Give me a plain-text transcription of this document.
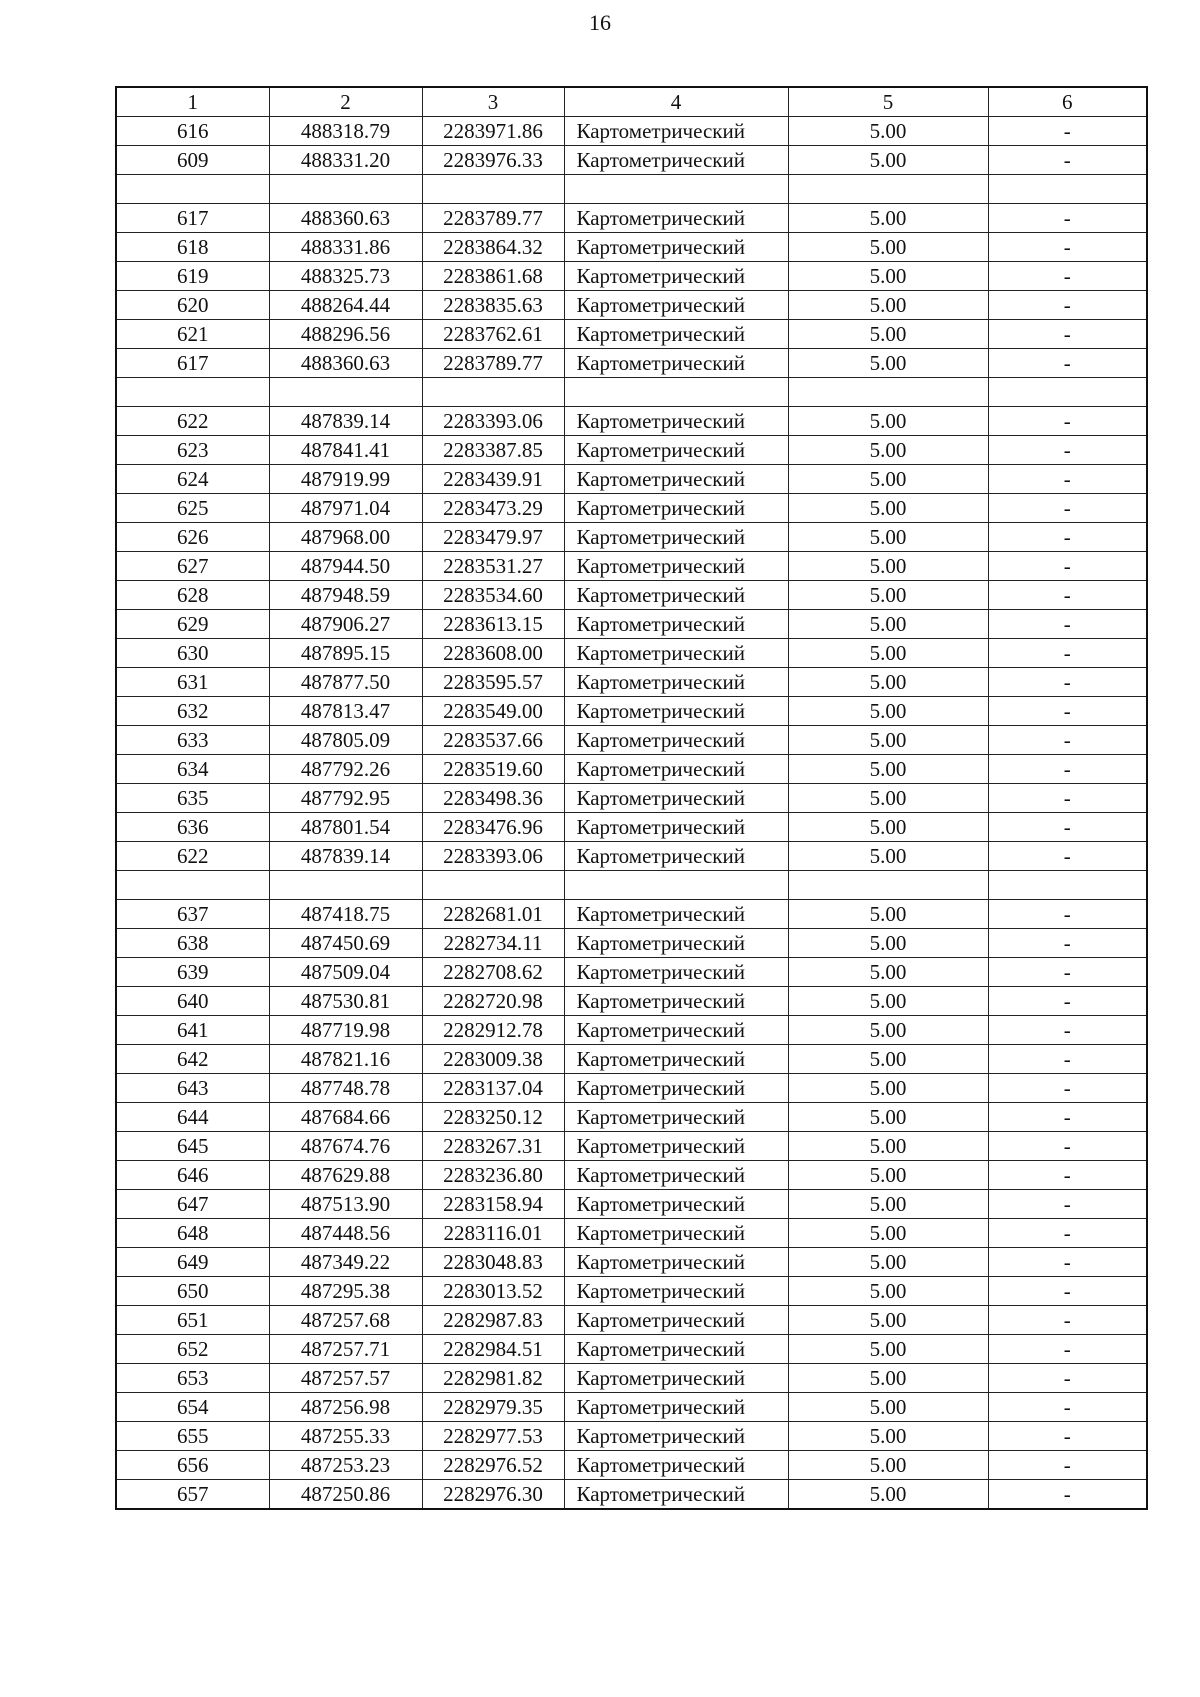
16
1	2	3	4	5	6
616	488318.79	2283971.86	Картометрический	5.00	-
609	488331.20	2283976.33	Картометрический	5.00	-

617	488360.63	2283789.77	Картометрический	5.00	-
618	488331.86	2283864.32	Картометрический	5.00	-
619	488325.73	2283861.68	Картометрический	5.00	-
620	488264.44	2283835.63	Картометрический	5.00	-
621	488296.56	2283762.61	Картометрический	5.00	-
617	488360.63	2283789.77	Картометрический	5.00	-

622	487839.14	2283393.06	Картометрический	5.00	-
623	487841.41	2283387.85	Картометрический	5.00	-
624	487919.99	2283439.91	Картометрический	5.00	-
625	487971.04	2283473.29	Картометрический	5.00	-
626	487968.00	2283479.97	Картометрический	5.00	-
627	487944.50	2283531.27	Картометрический	5.00	-
628	487948.59	2283534.60	Картометрический	5.00	-
629	487906.27	2283613.15	Картометрический	5.00	-
630	487895.15	2283608.00	Картометрический	5.00	-
631	487877.50	2283595.57	Картометрический	5.00	-
632	487813.47	2283549.00	Картометрический	5.00	-
633	487805.09	2283537.66	Картометрический	5.00	-
634	487792.26	2283519.60	Картометрический	5.00	-
635	487792.95	2283498.36	Картометрический	5.00	-
636	487801.54	2283476.96	Картометрический	5.00	-
622	487839.14	2283393.06	Картометрический	5.00	-

637	487418.75	2282681.01	Картометрический	5.00	-
638	487450.69	2282734.11	Картометрический	5.00	-
639	487509.04	2282708.62	Картометрический	5.00	-
640	487530.81	2282720.98	Картометрический	5.00	-
641	487719.98	2282912.78	Картометрический	5.00	-
642	487821.16	2283009.38	Картометрический	5.00	-
643	487748.78	2283137.04	Картометрический	5.00	-
644	487684.66	2283250.12	Картометрический	5.00	-
645	487674.76	2283267.31	Картометрический	5.00	-
646	487629.88	2283236.80	Картометрический	5.00	-
647	487513.90	2283158.94	Картометрический	5.00	-
648	487448.56	2283116.01	Картометрический	5.00	-
649	487349.22	2283048.83	Картометрический	5.00	-
650	487295.38	2283013.52	Картометрический	5.00	-
651	487257.68	2282987.83	Картометрический	5.00	-
652	487257.71	2282984.51	Картометрический	5.00	-
653	487257.57	2282981.82	Картометрический	5.00	-
654	487256.98	2282979.35	Картометрический	5.00	-
655	487255.33	2282977.53	Картометрический	5.00	-
656	487253.23	2282976.52	Картометрический	5.00	-
657	487250.86	2282976.30	Картометрический	5.00	-
